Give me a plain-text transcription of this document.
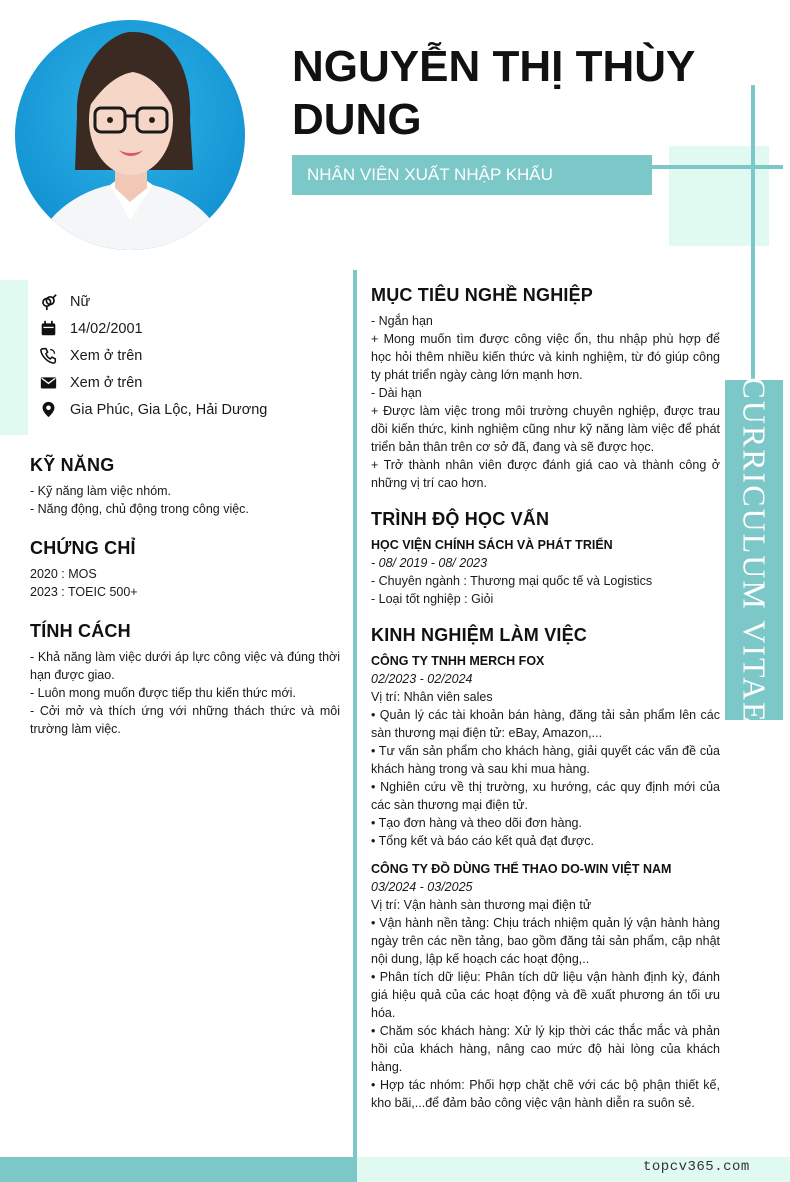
CURRICULUM VITAE
NGUYỄN THỊ THÙY
DUNG
NHÂN VIÊN XUẤT NHẬP KHẨU
Nữ
14/02/2001
Xem ở trên
Xem ở trên
Gia Phúc, Gia Lộc, Hải Dương
KỸ NĂNG
- Kỹ năng làm việc nhóm.
- Năng động, chủ động trong công việc.
CHỨNG CHỈ
2020 : MOS
2023 : TOEIC 500+
TÍNH CÁCH
- Khả năng làm việc dưới áp lực công việc và đúng thời hạn được giao.
- Luôn mong muốn được tiếp thu kiến thức mới.
- Cởi mở và thích ứng với những thách thức và môi trường làm việc.
MỤC TIÊU NGHỀ NGHIỆP
- Ngắn hạn
+ Mong muốn tìm được công việc ổn, thu nhập phù hợp để học hỏi thêm nhiều kiến thức và kinh nghiệm, từ đó giúp công ty phát triển ngày càng lớn mạnh hơn.
- Dài hạn
+ Được làm việc trong môi trường chuyên nghiệp, được trau dồi kiến thức, kinh nghiệm cũng như kỹ năng làm việc để phát triển bản thân trên cơ sở đã, đang và sẽ được học.
+ Trở thành nhân viên được đánh giá cao và thành công ở những vị trí cao hơn.
TRÌNH ĐỘ HỌC VẤN
HỌC VIỆN CHÍNH SÁCH VÀ PHÁT TRIỂN
- 08/ 2019 - 08/ 2023
- Chuyên ngành : Thương mại quốc tế và Logistics
- Loại tốt nghiệp : Giỏi
KINH NGHIỆM LÀM VIỆC
CÔNG TY TNHH MERCH FOX
02/2023 - 02/2024
Vị trí: Nhân viên sales
• Quản lý các tài khoản bán hàng, đăng tải sản phẩm lên các sàn thương mại điện tử: eBay, Amazon,...
• Tư vấn sản phẩm cho khách hàng, giải quyết các vấn đề của khách hàng trong và sau khi mua hàng.
• Nghiên cứu về thị trường, xu hướng, các quy định mới của các sàn thương mại điện tử.
• Tạo đơn hàng và theo dõi đơn hàng.
• Tổng kết và báo cáo kết quả đạt được.
CÔNG TY ĐỒ DÙNG THỂ THAO DO-WIN VIỆT NAM
03/2024 - 03/2025
Vị trí: Vận hành sàn thương mại điện tử
• Vận hành nền tảng: Chịu trách nhiệm quản lý vận hành hàng ngày trên các nền tảng, bao gồm đăng tải sản phẩm, cập nhật nội dung, lập kế hoạch các hoạt động,..
• Phân tích dữ liệu: Phân tích dữ liệu vận hành định kỳ, đánh giá hiệu quả của các hoạt động và đề xuất phương án tối ưu hóa.
• Chăm sóc khách hàng: Xử lý kịp thời các thắc mắc và phản hồi của khách hàng, nâng cao mức độ hài lòng của khách hàng.
• Hợp tác nhóm: Phối hợp chặt chẽ với các bộ phận thiết kế, kho bãi,...để đảm bảo công việc vận hành diễn ra suôn sẻ.
topcv365.com
